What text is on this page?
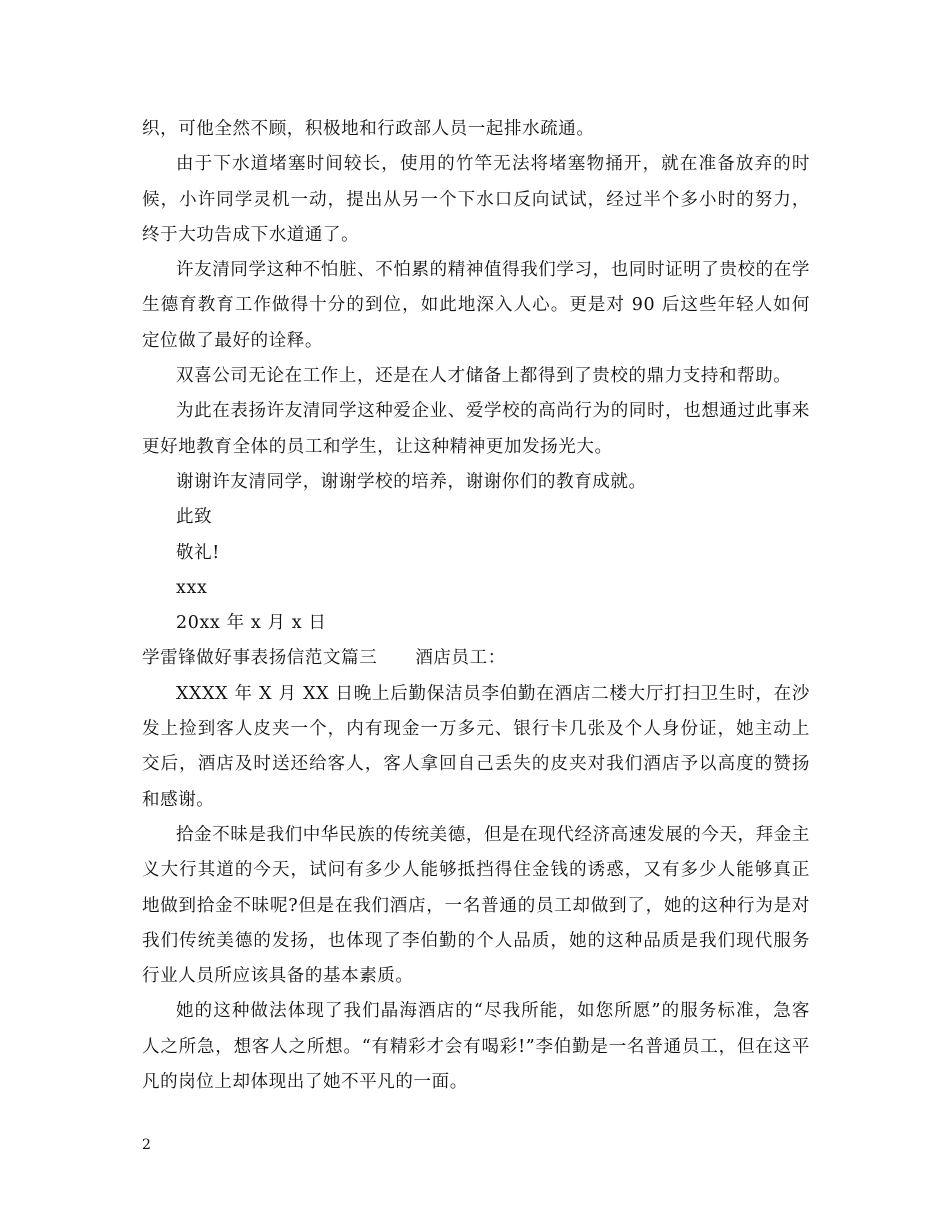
织，可他全然不顾，积极地和行政部人员一起排水疏通。

由于下水道堵塞时间较长，使用的竹竿无法将堵塞物捅开，就在准备放弃的时候，小许同学灵机一动，提出从另一个下水口反向试试，经过半个多小时的努力，终于大功告成下水道通了。

许友清同学这种不怕脏、不怕累的精神值得我们学习，也同时证明了贵校的在学生德育教育工作做得十分的到位，如此地深入人心。更是对 90 后这些年轻人如何定位做了最好的诠释。

双喜公司无论在工作上，还是在人才储备上都得到了贵校的鼎力支持和帮助。

为此在表扬许友清同学这种爱企业、爱学校的高尚行为的同时，也想通过此事来更好地教育全体的员工和学生，让这种精神更加发扬光大。

谢谢许友清同学，谢谢学校的培养，谢谢你们的教育成就。

此致

敬礼!

xxx

20xx 年 x 月 x 日

学雷锋做好事表扬信范文篇三 酒店员工：

XXXX 年 X 月 XX 日晚上后勤保洁员李伯勤在酒店二楼大厅打扫卫生时，在沙发上捡到客人皮夹一个，内有现金一万多元、银行卡几张及个人身份证，她主动上交后，酒店及时送还给客人，客人拿回自己丢失的皮夹对我们酒店予以高度的赞扬和感谢。

拾金不昧是我们中华民族的传统美德，但是在现代经济高速发展的今天，拜金主义大行其道的今天，试问有多少人能够抵挡得住金钱的诱惑，又有多少人能够真正地做到拾金不昧呢?但是在我们酒店，一名普通的员工却做到了，她的这种行为是对我们传统美德的发扬，也体现了李伯勤的个人品质，她的这种品质是我们现代服务行业人员所应该具备的基本素质。

她的这种做法体现了我们晶海酒店的“尽我所能，如您所愿”的服务标准，急客人之所急，想客人之所想。“有精彩才会有喝彩!”李伯勤是一名普通员工，但在这平凡的岗位上却体现出了她不平凡的一面。

2
